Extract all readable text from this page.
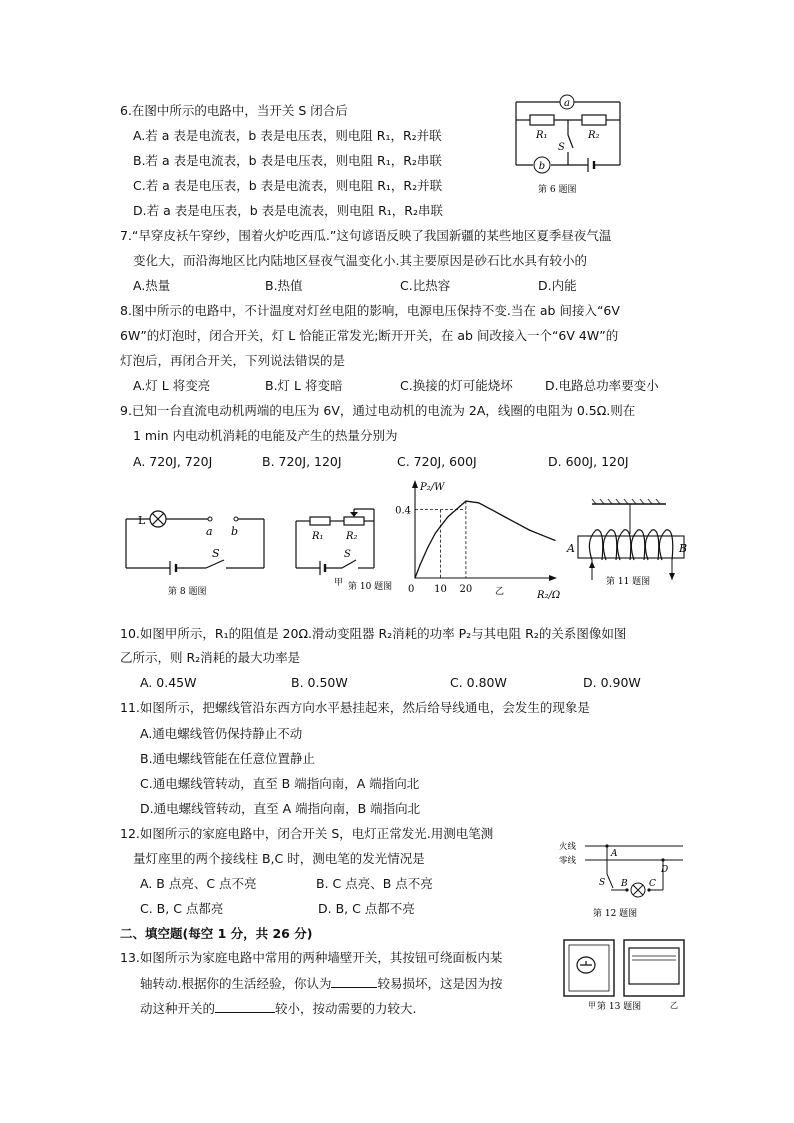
6.在图中所示的电路中，当开关 S 闭合后
A.若 a 表是电流表，b 表是电压表，则电阻 R₁，R₂并联
B.若 a 表是电流表，b 表是电压表，则电阻 R₁，R₂串联
C.若 a 表是电压表，b 表是电流表，则电阻 R₁，R₂并联
D.若 a 表是电压表，b 表是电流表，则电阻 R₁，R₂串联
a
b
R₁	R₂
S
第 6 题图
7.“早穿皮袄午穿纱，围着火炉吃西瓜.”这句谚语反映了我国新疆的某些地区夏季昼夜气温
变化大，而沿海地区比内陆地区昼夜气温变化小.其主要原因是砂石比水具有较小的
A.热量	B.热值	C.比热容	D.内能
8.图中所示的电路中，不计温度对灯丝电阻的影响，电源电压保持不变.当在 ab 间接入“6V
6W”的灯泡时，闭合开关，灯 L 恰能正常发光;断开开关，在 ab 间改接入一个“6V 4W”的
灯泡后，再闭合开关，下列说法错误的是
A.灯 L 将变亮	B.灯 L 将变暗	C.换接的灯可能烧坏	D.电路总功率要变小
9.已知一台直流电动机两端的电压为 6V，通过电动机的电流为 2A，线圈的电阻为 0.5Ω.则在
1 min 内电动机消耗的电能及产生的热量分别为
A. 720J, 720J	B. 720J, 120J	C. 720J, 600J	D. 600J, 120J
L
a b
S
第 8 题图
R₁ R₂
S
甲 第 10 题图
P₂/W
R₂/Ω
0 10 20
0.4
乙
A	B
第 11 题图
10.如图甲所示，R₁的阻值是 20Ω.滑动变阻器 R₂消耗的功率 P₂与其电阻 R₂的关系图像如图
乙所示，则 R₂消耗的最大功率是
A. 0.45W	B. 0.50W	C. 0.80W	D. 0.90W
11.如图所示，把螺线管沿东西方向水平悬挂起来，然后给导线通电，会发生的现象是
A.通电螺线管仍保持静止不动
B.通电螺线管能在任意位置静止
C.通电螺线管转动，直至 B 端指向南，A 端指向北
D.通电螺线管转动，直至 A 端指向南，B 端指向北
12.如图所示的家庭电路中，闭合开关 S，电灯正常发光.用测电笔测
量灯座里的两个接线柱 B,C 时，测电笔的发光情况是
A. B 点亮、C 点不亮	B. C 点亮、B 点不亮
C. B, C 点都亮	D. B, C 点都不亮
火线
零线
A
B C
D
S
第 12 题图
二、填空题(每空 1 分，共 26 分)
13.如图所示为家庭电路中常用的两种墙壁开关，其按钮可绕面板内某
轴转动.根据你的生活经验，你认为	较易损坏，这是因为按
动这种开关的	较小，按动需要的力较大.	甲 第 13 题图	乙
